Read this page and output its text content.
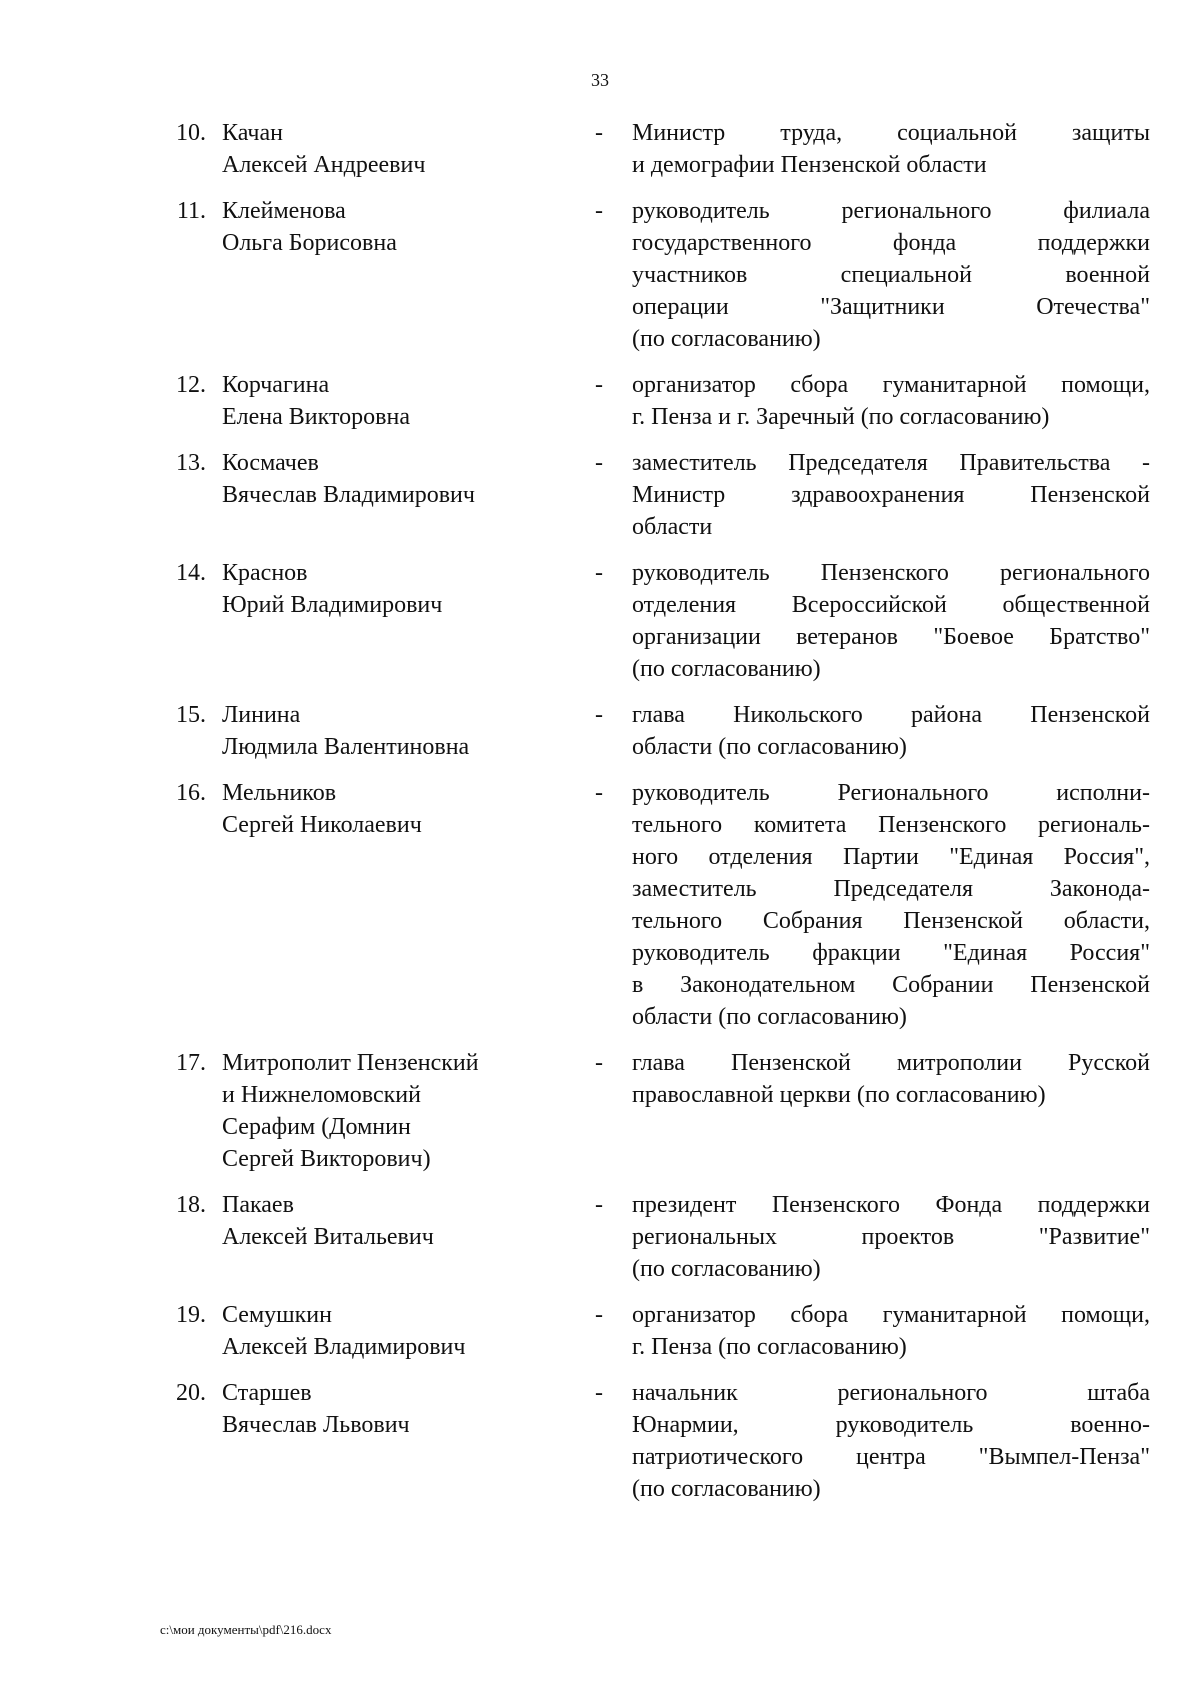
33
10. Качан
Алексей Андреевич
- Министр труда, социальной защиты
и демографии Пензенской области
11. Клейменова
Ольга Борисовна
- руководитель регионального филиала
государственного фонда поддержки
участников специальной военной
операции "Защитники Отечества"
(по согласованию)
12. Корчагина
Елена Викторовна
- организатор сбора гуманитарной помощи,
г. Пенза и г. Заречный (по согласованию)
13. Космачев
Вячеслав Владимирович
- заместитель Председателя Правительства -
Министр здравоохранения Пензенской
области
14. Краснов
Юрий Владимирович
- руководитель Пензенского регионального
отделения Всероссийской общественной
организации ветеранов "Боевое Братство"
(по согласованию)
15. Линина
Людмила Валентиновна
- глава Никольского района Пензенской
области (по согласованию)
16. Мельников
Сергей Николаевич
- руководитель Регионального исполни-
тельного комитета Пензенского региональ-
ного отделения Партии "Единая Россия",
заместитель Председателя Законода-
тельного Собрания Пензенской области,
руководитель фракции "Единая Россия"
в Законодательном Собрании Пензенской
области (по согласованию)
17. Митрополит Пензенский
и Нижнеломовский
Серафим (Домнин
Сергей Викторович)
- глава Пензенской митрополии Русской
православной церкви (по согласованию)
18. Пакаев
Алексей Витальевич
- президент Пензенского Фонда поддержки
региональных проектов "Развитие"
(по согласованию)
19. Семушкин
Алексей Владимирович
- организатор сбора гуманитарной помощи,
г. Пенза (по согласованию)
20. Старшев
Вячеслав Львович
- начальник регионального штаба
Юнармии, руководитель военно-
патриотического центра "Вымпел-Пенза"
(по согласованию)
c:\мои документы\pdf\216.docx
